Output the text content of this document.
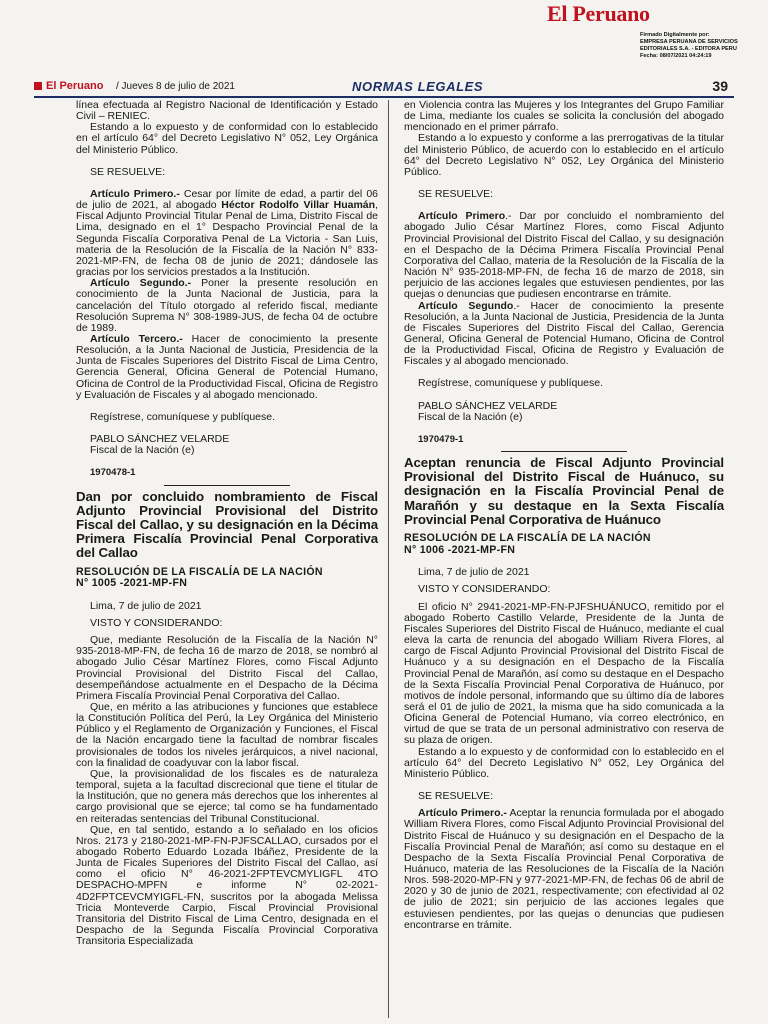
El Peruano
Firmado Digitalmente por:
EMPRESA PERUANA DE SERVICIOS
EDITORIALES S.A. - EDITORA PERU
Fecha: 08/07/2021 04:24:19
El Peruano / Jueves 8 de julio de 2021	NORMAS LEGALES	39

línea efectuada al Registro Nacional de Identificación y Estado Civil – RENIEC.

Estando a lo expuesto y de conformidad con lo establecido en el artículo 64° del Decreto Legislativo N° 052, Ley Orgánica del Ministerio Público.

SE RESUELVE:

Artículo Primero.- Cesar por límite de edad, a partir del 06 de julio de 2021, al abogado Héctor Rodolfo Villar Huamán, Fiscal Adjunto Provincial Titular Penal de Lima, Distrito Fiscal de Lima, designado en el 1° Despacho Provincial Penal de la Segunda Fiscalía Corporativa Penal de La Victoria - San Luis, materia de la Resolución de la Fiscalía de la Nación N° 833-2021-MP-FN, de fecha 08 de junio de 2021; dándosele las gracias por los servicios prestados a la Institución.

Artículo Segundo.- Poner la presente resolución en conocimiento de la Junta Nacional de Justicia, para la cancelación del Título otorgado al referido fiscal, mediante Resolución Suprema N° 308-1989-JUS, de fecha 04 de octubre de 1989.

Artículo Tercero.- Hacer de conocimiento la presente Resolución, a la Junta Nacional de Justicia, Presidencia de la Junta de Fiscales Superiores del Distrito Fiscal de Lima Centro, Gerencia General, Oficina General de Potencial Humano, Oficina de Control de la Productividad Fiscal, Oficina de Registro y Evaluación de Fiscales y al abogado mencionado.

Regístrese, comuníquese y publíquese.

PABLO SÁNCHEZ VELARDE

Fiscal de la Nación (e)

1970478-1

Dan por concluido nombramiento de Fiscal Adjunto Provincial Provisional del Distrito Fiscal del Callao, y su designación en la Décima Primera Fiscalía Provincial Penal Corporativa del Callao

RESOLUCIÓN DE LA FISCALÍA DE LA NACIÓN

N° 1005 -2021-MP-FN

Lima, 7 de julio de 2021

VISTO Y CONSIDERANDO:

Que, mediante Resolución de la Fiscalía de la Nación N° 935-2018-MP-FN, de fecha 16 de marzo de 2018, se nombró al abogado Julio César Martínez Flores, como Fiscal Adjunto Provincial Provisional del Distrito Fiscal del Callao, desempeñándose actualmente en el Despacho de la Décima Primera Fiscalía Provincial Penal Corporativa del Callao.

Que, en mérito a las atribuciones y funciones que establece la Constitución Política del Perú, la Ley Orgánica del Ministerio Público y el Reglamento de Organización y Funciones, el Fiscal de la Nación encargado tiene la facultad de nombrar fiscales provisionales de todos los niveles jerárquicos, a nivel nacional, con la finalidad de coadyuvar con la labor fiscal.

Que, la provisionalidad de los fiscales es de naturaleza temporal, sujeta a la facultad discrecional que tiene el titular de la Institución, que no genera más derechos que los inherentes al cargo provisional que se ejerce; tal como se ha fundamentado en reiteradas sentencias del Tribunal Constitucional.

Que, en tal sentido, estando a lo señalado en los oficios Nros. 2173 y 2180-2021-MP-FN-PJFSCALLAO, cursados por el abogado Roberto Eduardo Lozada Ibáñez, Presidente de la Junta de Ficales Superiores del Distrito Fiscal del Callao, así como el oficio N° 46-2021-2FPTEVCMYLIGFL 4TO DESPACHO-MPFN e informe N° 02-2021-4D2FPTCEVCMYIGFL-FN, suscritos por la abogada Melissa Tricia Monteverde Carpio, Fiscal Provincial Provisional Transitoria del Distrito Fiscal de Lima Centro, designada en el Despacho de la Segunda Fiscalía Provincial Corporativa Transitoria Especializada

en Violencia contra las Mujeres y los Integrantes del Grupo Familiar de Lima, mediante los cuales se solicita la conclusión del abogado mencionado en el primer párrafo.

Estando a lo expuesto y conforme a las prerrogativas de la titular del Ministerio Público, de acuerdo con lo establecido en el artículo 64° del Decreto Legislativo N° 052, Ley Orgánica del Ministerio Público.

SE RESUELVE:

Artículo Primero.- Dar por concluido el nombramiento del abogado Julio César Martínez Flores, como Fiscal Adjunto Provincial Provisional del Distrito Fiscal del Callao, y su designación en el Despacho de la Décima Primera Fiscalía Provincial Penal Corporativa del Callao, materia de la Resolución de la Fiscalía de la Nación N° 935-2018-MP-FN, de fecha 16 de marzo de 2018, sin perjuicio de las acciones legales que estuviesen pendientes, por las quejas o denuncias que pudiesen encontrarse en trámite.

Artículo Segundo.- Hacer de conocimiento la presente Resolución, a la Junta Nacional de Justicia, Presidencia de la Junta de Fiscales Superiores del Distrito Fiscal del Callao, Gerencia General, Oficina General de Potencial Humano, Oficina de Control de la Productividad Fiscal, Oficina de Registro y Evaluación de Fiscales y al abogado mencionado.

Regístrese, comuníquese y publíquese.

PABLO SÁNCHEZ VELARDE

Fiscal de la Nación (e)

1970479-1

Aceptan renuncia de Fiscal Adjunto Provincial Provisional del Distrito Fiscal de Huánuco, su designación en la Fiscalía Provincial Penal de Marañón y su destaque en la Sexta Fiscalía Provincial Penal Corporativa de Huánuco

RESOLUCIÓN DE LA FISCALÍA DE LA NACIÓN

N° 1006 -2021-MP-FN

Lima, 7 de julio de 2021

VISTO Y CONSIDERANDO:

El oficio N° 2941-2021-MP-FN-PJFSHUÁNUCO, remitido por el abogado Roberto Castillo Velarde, Presidente de la Junta de Fiscales Superiores del Distrito Fiscal de Huánuco, mediante el cual eleva la carta de renuncia del abogado William Rivera Flores, al cargo de Fiscal Adjunto Provincial Provisional del Distrito Fiscal de Huánuco y a su designación en el Despacho de la Fiscalía Provincial Penal de Marañón, así como su destaque en el Despacho de la Sexta Fiscalía Provincial Penal Corporativa de Huánuco, por motivos de índole personal, informando que su último día de labores será el 01 de julio de 2021, la misma que ha sido comunicada a la Oficina General de Potencial Humano, vía correo electrónico, en virtud de que se trata de un personal administrativo con reserva de su plaza de origen.

Estando a lo expuesto y de conformidad con lo establecido en el artículo 64° del Decreto Legislativo N° 052, Ley Orgánica del Ministerio Público.

SE RESUELVE:

Artículo Primero.- Aceptar la renuncia formulada por el abogado William Rivera Flores, como Fiscal Adjunto Provincial Provisional del Distrito Fiscal de Huánuco y su designación en el Despacho de la Fiscalía Provincial Penal de Marañón; así como su destaque en el Despacho de la Sexta Fiscalía Provincial Penal Corporativa de Huánuco, materia de las Resoluciones de la Fiscalía de la Nación Nros. 598-2020-MP-FN y 977-2021-MP-FN, de fechas 06 de abril de 2020 y 30 de junio de 2021, respectivamente; con efectividad al 02 de julio de 2021; sin perjuicio de las acciones legales que estuviesen pendientes, por las quejas o denuncias que pudiesen encontrarse en trámite.
